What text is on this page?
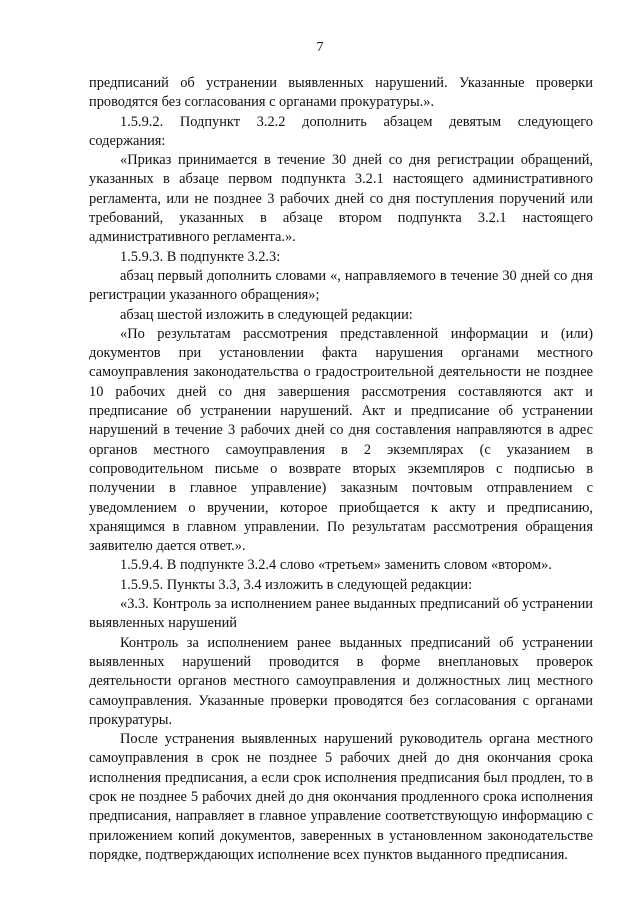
7

предписаний об устранении выявленных нарушений. Указанные проверки проводятся без согласования с органами прокуратуры.».

1.5.9.2. Подпункт 3.2.2 дополнить абзацем девятым следующего содержания:

«Приказ принимается в течение 30 дней со дня регистрации обращений, указанных в абзаце первом подпункта 3.2.1 настоящего административного регламента, или не позднее 3 рабочих дней со дня поступления поручений или требований, указанных в абзаце втором подпункта 3.2.1 настоящего административного регламента.».

1.5.9.3. В подпункте 3.2.3:

абзац первый дополнить словами «, направляемого в течение 30 дней со дня регистрации указанного обращения»;

абзац шестой изложить в следующей редакции:

«По результатам рассмотрения представленной информации и (или) документов при установлении факта нарушения органами местного самоуправления законодательства о градостроительной деятельности не позднее 10 рабочих дней со дня завершения рассмотрения составляются акт и предписание об устранении нарушений. Акт и предписание об устранении нарушений в течение 3 рабочих дней со дня составления направляются в адрес органов местного самоуправления в 2 экземплярах (с указанием в сопроводительном письме о возврате вторых экземпляров с подписью в получении в главное управление) заказным почтовым отправлением с уведомлением о вручении, которое приобщается к акту и предписанию, хранящимся в главном управлении. По результатам рассмотрения обращения заявителю дается ответ.».

1.5.9.4. В подпункте 3.2.4 слово «третьем» заменить словом «втором».

1.5.9.5. Пункты 3.3, 3.4 изложить в следующей редакции:

«3.3. Контроль за исполнением ранее выданных предписаний об устранении выявленных нарушений

Контроль за исполнением ранее выданных предписаний об устранении выявленных нарушений проводится в форме внеплановых проверок деятельности органов местного самоуправления и должностных лиц местного самоуправления. Указанные проверки проводятся без согласования с органами прокуратуры.

После устранения выявленных нарушений руководитель органа местного самоуправления в срок не позднее 5 рабочих дней до дня окончания срока исполнения предписания, а если срок исполнения предписания был продлен, то в срок не позднее 5 рабочих дней до дня окончания продленного срока исполнения предписания, направляет в главное управление соответствующую информацию с приложением копий документов, заверенных в установленном законодательстве порядке, подтверждающих исполнение всех пунктов выданного предписания.
